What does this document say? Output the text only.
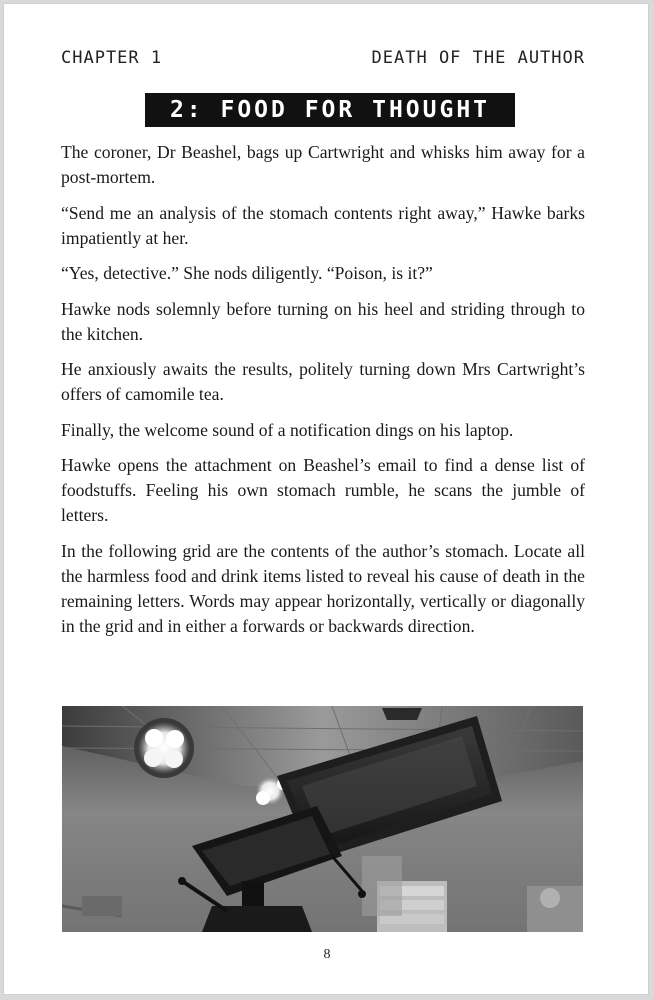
CHAPTER 1	DEATH OF THE AUTHOR
2: FOOD FOR THOUGHT

The coroner, Dr Beashel, bags up Cartwright and whisks him away for a post-mortem.

“Send me an analysis of the stomach contents right away,” Hawke barks impatiently at her.

“Yes, detective.” She nods diligently. “Poison, is it?”

Hawke nods solemnly before turning on his heel and striding through to the kitchen.

He anxiously awaits the results, politely turning down Mrs Cartwright’s offers of camomile tea.

Finally, the welcome sound of a notification dings on his laptop.

Hawke opens the attachment on Beashel’s email to find a dense list of foodstuffs. Feeling his own stomach rumble, he scans the jumble of letters.

In the following grid are the contents of the author’s stomach. Locate all the harmless food and drink items listed to reveal his cause of death in the remaining letters. Words may appear horizontally, vertically or diagonally in the grid and in either a forwards or backwards direction.

8
